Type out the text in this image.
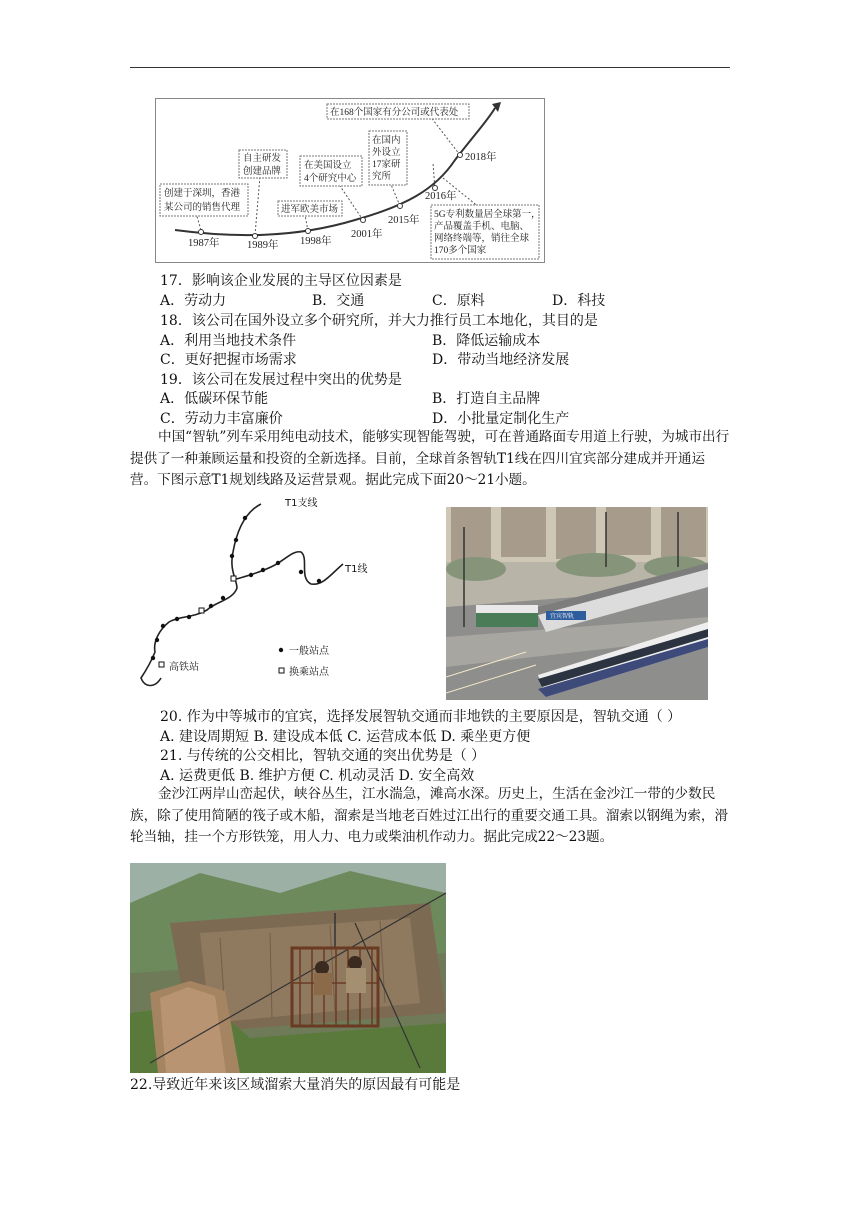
1987年	1989年 1998年
2001年
2015年
2016年
2018年
创建于深圳，香港
某公司的销售代理
自主研发
创建品牌
进军欧美市场
在美国设立
4个研究中心
在国内
外设立
17家研
究所
在168个国家有分公司或代表处
5G专利数量居全球第一，
产品覆盖手机、电脑、
网络终端等，销往全球
170多个国家
17．影响该企业发展的主导区位因素是
A．劳动力	B．交通	C．原料	D．科技
18．该公司在国外设立多个研究所，并大力推行员工本地化，其目的是
A．利用当地技术条件	B．降低运输成本
C．更好把握市场需求	D．带动当地经济发展
19．该公司在发展过程中突出的优势是
A．低碳环保节能	B．打造自主品牌
C．劳动力丰富廉价	D．小批量定制化生产
中国“智轨”列车采用纯电动技术，能够实现智能驾驶，可在普通路面专用道上行驶，为城市出行提供了一种兼顾运量和投资的全新选择。目前，全球首条智轨T1线在四川宜宾部分建成并开通运营。下图示意T1规划线路及运营景观。据此完成下面20～21小题。
T1支线
T1线
高铁站
一般站点
换乘站点
宜宾智轨
20. 作为中等城市的宜宾，选择发展智轨交通而非地铁的主要原因是，智轨交通（ ）
A. 建设周期短 B. 建设成本低 C. 运营成本低 D. 乘坐更方便
21. 与传统的公交相比，智轨交通的突出优势是（ ）
A. 运费更低 B. 维护方便 C. 机动灵活 D. 安全高效
金沙江两岸山峦起伏，峡谷丛生，江水湍急，滩高水深。历史上，生活在金沙江一带的少数民族，除了使用简陋的筏子或木船，溜索是当地老百姓过江出行的重要交通工具。溜索以钢绳为索，滑轮当轴，挂一个方形铁笼，用人力、电力或柴油机作动力。据此完成22～23题。
22.导致近年来该区域溜索大量消失的原因最有可能是
